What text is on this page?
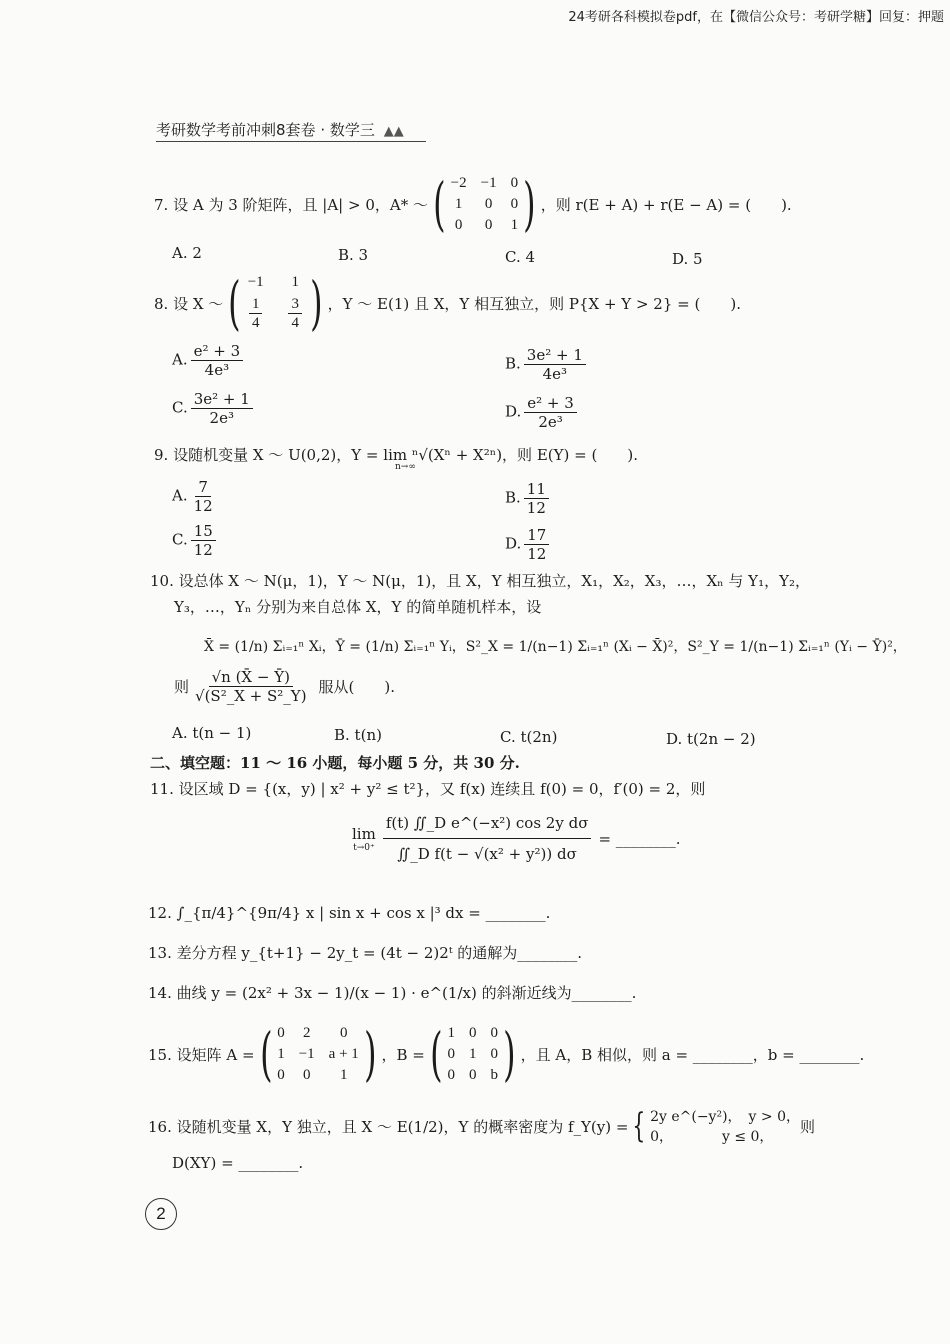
24考研各科模拟卷pdf，在【微信公众号：考研学糖】回复：押题
考研数学考前冲刺8套卷 · 数学三  ▲▲
7. 设 A 为 3 阶矩阵，且 |A| > 0，A* ～ ( −2 −1 0
1 0 0
0 0 1 ) ，则 r(E + A) + r(E − A) = (　　).
A. 2	B. 3	C. 4	D. 5
8. 设 X ～ ( −1	1
$\frac{1}{4} \frac{3}{4}$ ) ，Y ～ E(1) 且 X，Y 相互独立，则 P{X + Y > 2} = (　　).
A. $\frac{\text{e² + 3}}{\text{4e³}}$	B. $\frac{\text{3e² + 1}}{\text{4e³}}$
C. $\frac{\text{3e² + 1}}{\text{2e³}}$	D. $\frac{\text{e² + 3}}{\text{2e³}}$
9. 设随机变量 X ～ U(0,2)，Y = lim ⁿ√(Xⁿ + X²ⁿ)，则 E(Y) = (　　).
n→∞
A. $\frac{7}{12}$	B. $\frac{11}{12}$
C. $\frac{15}{12}$	D. $\frac{17}{12}$
10. 设总体 X ～ N(μ，1)，Y ～ N(μ，1)，且 X，Y 相互独立，X₁，X₂，X₃，…，Xₙ 与 Y₁，Y₂，
Y₃，…，Yₙ 分别为来自总体 X，Y 的简单随机样本，设
X̄ = (1/n) Σᵢ₌₁ⁿ Xᵢ，Ȳ = (1/n) Σᵢ₌₁ⁿ Yᵢ，S²_X = 1/(n−1) Σᵢ₌₁ⁿ (Xᵢ − X̄)²，S²_Y = 1/(n−1) Σᵢ₌₁ⁿ (Yᵢ − Ȳ)²，
则 $\frac{√n (X̄ - Ȳ)}{\text{√(S²\_X + S²\_Y)}}$ 服从(　　).
A. t(n − 1)	B. t(n)	C. t(2n)	D. t(2n − 2)
二、填空题：11 ～ 16 小题，每小题 5 分，共 30 分.
11. 设区域 D = {(x，y) | x² + y² ≤ t²}，又 f(x) 连续且 f(0) = 0，f′(0) = 2，则
lim
$t\to 0^+ \frac{\text{f(t) ∬\_D e\textasciicircum{}(−x²) cos 2y dσ}}{\text{∬\_D f(t − √(x² + y²)) dσ}}$ = ________.
12. ∫_{π/4}^{9π/4} x | sin x + cos x |³ dx = ________.
13. 差分方程 y_{t+1} − 2y_t = (4t − 2)2ᵗ 的通解为________.
14. 曲线 y = (2x² + 3x − 1)/(x − 1) · e^(1/x) 的斜渐近线为________.
15. 设矩阵 A = ( 0 2	0
1 −1 a + 1
0 0	1 ) ，B = ( 1 0 0
0 1 0
0 0 b ) ，且 A，B 相似，则 a = ________，b = ________.
16. 设随机变量 X，Y 独立，且 X ～ E(1/2)，Y 的概率密度为 f_Y(y) = { 2y e^(−y²)，　y > 0，
0，　　　　y ≤ 0，
则
D(XY) = ________.
2
